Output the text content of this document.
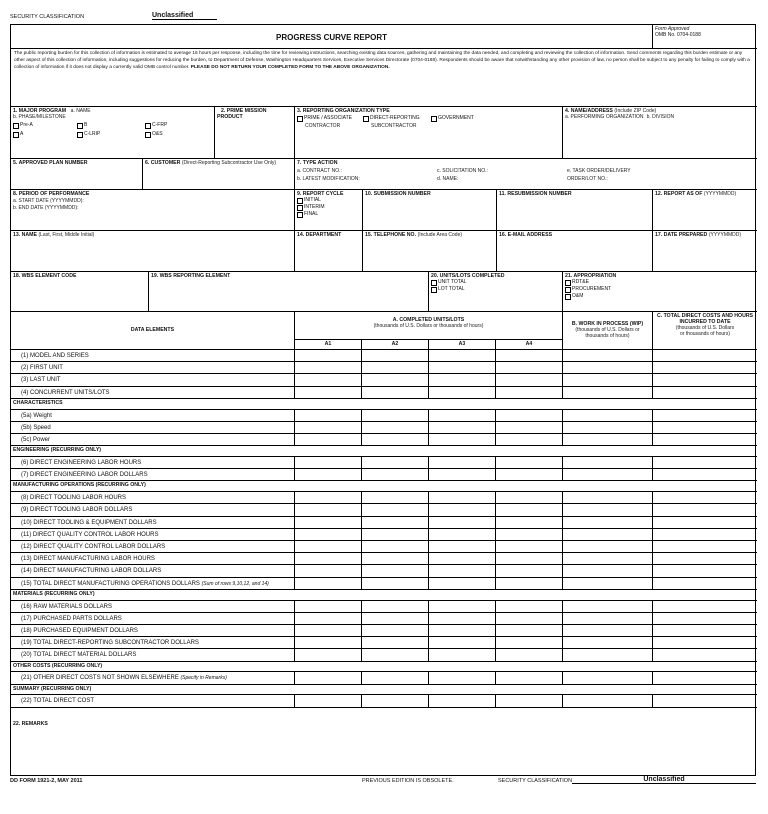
SECURITY CLASSIFICATION	Unclassified
PROGRESS CURVE REPORT
Form Approved
OMB No. 0704-0188
The public reporting burden for this collection of information is estimated to average 16 hours per response, including the time for reviewing instructions, searching existing data sources, gathering and maintaining the data needed, and completing and reviewing the collection of information. Send comments regarding this burden estimate or any other aspect of this collection of information, including suggestions for reducing the burden, to Department of Defense, Washington Headquarters Services, Executive Services Directorate (0704-0188). Respondents should be aware that notwithstanding any other provision of law, no person shall be subject to any penalty for failing to comply with a collection of information if it does not display a currently valid OMB control number. PLEASE DO NOT RETURN YOUR COMPLETED FORM TO THE ABOVE ORGANIZATION.
1. MAJOR PROGRAM a. NAME
b. PHASE/MILESTONE
Pre-A
A
B
C-LRIP
C-FRP
O&S
2. PRIME MISSION
PRODUCT
3. REPORTING ORGANIZATION TYPE
PRIME / ASSOCIATE
CONTRACTOR
DIRECT-REPORTING
SUBCONTRACTOR
GOVERNMENT
4. NAME/ADDRESS (Include ZIP Code)
a. PERFORMING ORGANIZATION b. DIVISION
5. APPROVED PLAN NUMBER	6. CUSTOMER (Direct-Reporting Subcontractor Use Only)	7. TYPE ACTION
a. CONTRACT NO.:
b. LATEST MODIFICATION:
c. SOLICITATION NO.:
d. NAME:
e. TASK ORDER/DELIVERY
ORDER/LOT NO.:
8. PERIOD OF PERFORMANCE
a. START DATE (YYYYMMDD):
b. END DATE (YYYYMMDD):
9. REPORT CYCLE
INITIAL
INTERIM
FINAL
10. SUBMISSION NUMBER	11. RESUBMISSION NUMBER	12. REPORT AS OF (YYYYMMDD)
13. NAME (Last, First, Middle Initial)	14. DEPARTMENT	15. TELEPHONE NO. (Include Area Code)	16. E-MAIL ADDRESS	17. DATE PREPARED (YYYYMMDD)
18. WBS ELEMENT CODE	19. WBS REPORTING ELEMENT	20. UNITS/LOTS COMPLETED
UNIT TOTAL
LOT TOTAL
21. APPROPRIATION
RDT&E
PROCUREMENT
O&M
DATA ELEMENTS
A. COMPLETED UNITS/LOTS
(thousands of U.S. Dollars or thousands of hours)
A1	A2	A3	A4
B. WORK IN PROCESS (WIP)
(thousands of U.S. Dollars or
thousands of hours)
C. TOTAL DIRECT COSTS AND HOURS
INCURRED TO DATE
(thousands of U.S. Dollars
or thousands of hours)
(1) MODEL AND SERIES
(2) FIRST UNIT
(3) LAST UNIT
(4) CONCURRENT UNITS/LOTS
CHARACTERISTICS
(5a) Weight
(5b) Speed
(5c) Power
ENGINEERING (RECURRING ONLY)
(6) DIRECT ENGINEERING LABOR HOURS
(7) DIRECT ENGINEERING LABOR DOLLARS
MANUFACTURING OPERATIONS (RECURRING ONLY)
(8) DIRECT TOOLING LABOR HOURS
(9) DIRECT TOOLING LABOR DOLLARS
(10) DIRECT TOOLING & EQUIPMENT DOLLARS
(11) DIRECT QUALITY CONTROL LABOR HOURS
(12) DIRECT QUALITY CONTROL LABOR DOLLARS
(13) DIRECT MANUFACTURING LABOR HOURS
(14) DIRECT MANUFACTURING LABOR DOLLARS
(15) TOTAL DIRECT MANUFACTURING OPERATIONS DOLLARS (Sum of rows 9,10,12, and 14)
MATERIALS (RECURRING ONLY)
(16) RAW MATERIALS DOLLARS
(17) PURCHASED PARTS DOLLARS
(18) PURCHASED EQUIPMENT DOLLARS
(19) TOTAL DIRECT-REPORTING SUBCONTRACTOR DOLLARS
(20) TOTAL DIRECT MATERIAL DOLLARS
OTHER COSTS (RECURRING ONLY)
(21) OTHER DIRECT COSTS NOT SHOWN ELSEWHERE (Specify in Remarks)
SUMMARY (RECURRING ONLY)
(22) TOTAL DIRECT COST
22. REMARKS
DD FORM 1921-2, MAY 2011	PREVIOUS EDITION IS OBSOLETE.	SECURITY CLASSIFICATION	Unclassified
